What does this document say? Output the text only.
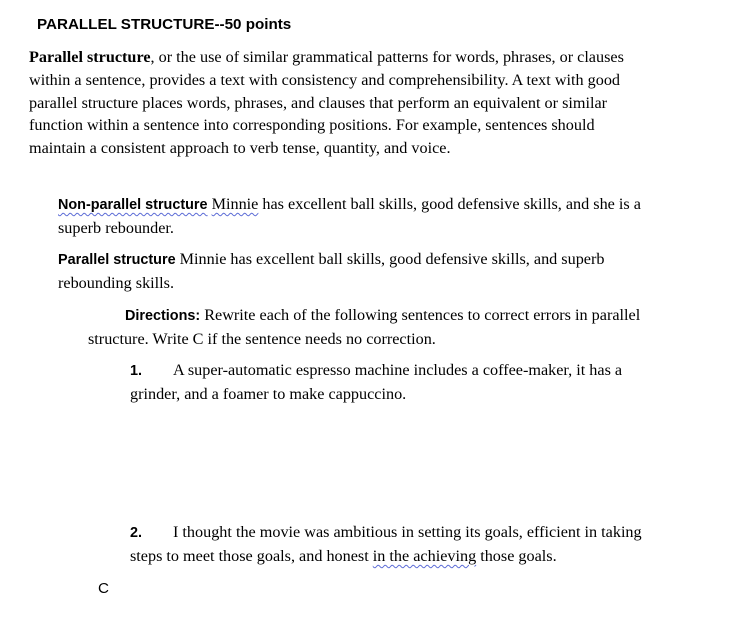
PARALLEL STRUCTURE--50 points
Parallel structure, or the use of similar grammatical patterns for words, phrases, or clauses within a sentence, provides a text with consistency and comprehensibility. A text with good parallel structure places words, phrases, and clauses that perform an equivalent or similar function within a sentence into corresponding positions. For example, sentences should maintain a consistent approach to verb tense, quantity, and voice.
Non-parallel structure Minnie has excellent ball skills, good defensive skills, and she is a superb rebounder.
Parallel structure Minnie has excellent ball skills, good defensive skills, and superb rebounding skills.
Directions: Rewrite each of the following sentences to correct errors in parallel structure. Write C if the sentence needs no correction.
1. A super-automatic espresso machine includes a coffee-maker, it has a grinder, and a foamer to make cappuccino.
2. I thought the movie was ambitious in setting its goals, efficient in taking steps to meet those goals, and honest in the achieving those goals.
C
